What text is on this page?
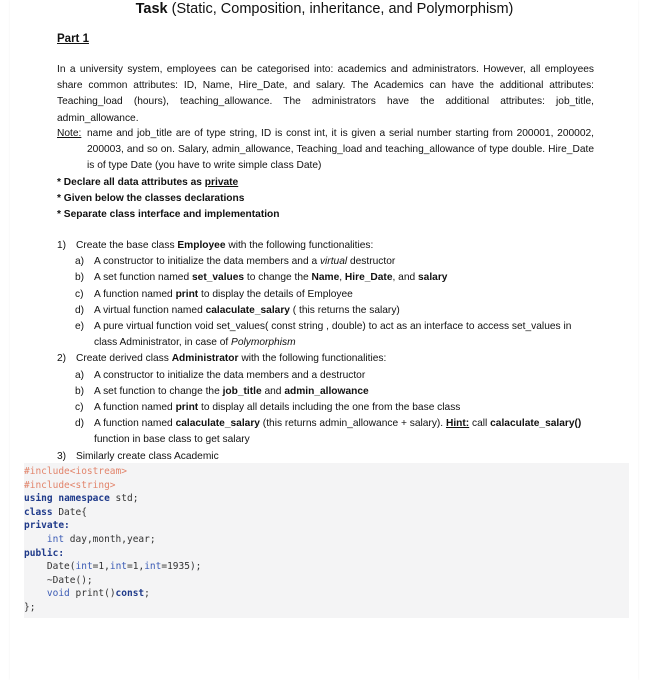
Task (Static, Composition, inheritance, and Polymorphism)
Part 1
In a university system, employees can be categorised into: academics and administrators. However, all employees share common attributes: ID, Name, Hire_Date, and salary. The Academics can have the additional attributes: Teaching_load (hours), teaching_allowance. The administrators have the additional attributes: job_title, admin_allowance.
Note: name and job_title are of type string, ID is const int, it is given a serial number starting from 200001, 200002, 200003, and so on. Salary, admin_allowance, Teaching_load and teaching_allowance of type double. Hire_Date is of type Date (you have to write simple class Date)
* Declare all data attributes as private
* Given below the classes declarations
* Separate class interface and implementation
1) Create the base class Employee with the following functionalities:
a) A constructor to initialize the data members and a virtual destructor
b) A set function named set_values to change the Name, Hire_Date, and salary
c) A function named print to display the details of Employee
d) A virtual function named calaculate_salary ( this returns the salary)
e) A pure virtual function void set_values( const string , double) to act as an interface to access set_values in class Administrator, in case of Polymorphism
2) Create derived class Administrator with the following functionalities:
a) A constructor to initialize the data members and a destructor
b) A set function to change the job_title and admin_allowance
c) A function named print to display all details including the one from the base class
d) A function named calaculate_salary (this returns admin_allowance + salary). Hint: call calaculate_salary() function in base class to get salary
3) Similarly create class Academic
#include<iostream>
#include<string>
using namespace std;
class Date{
private:
int day,month,year;
public:
Date(int=1,int=1,int=1935);
~Date();
void print()const;
};
